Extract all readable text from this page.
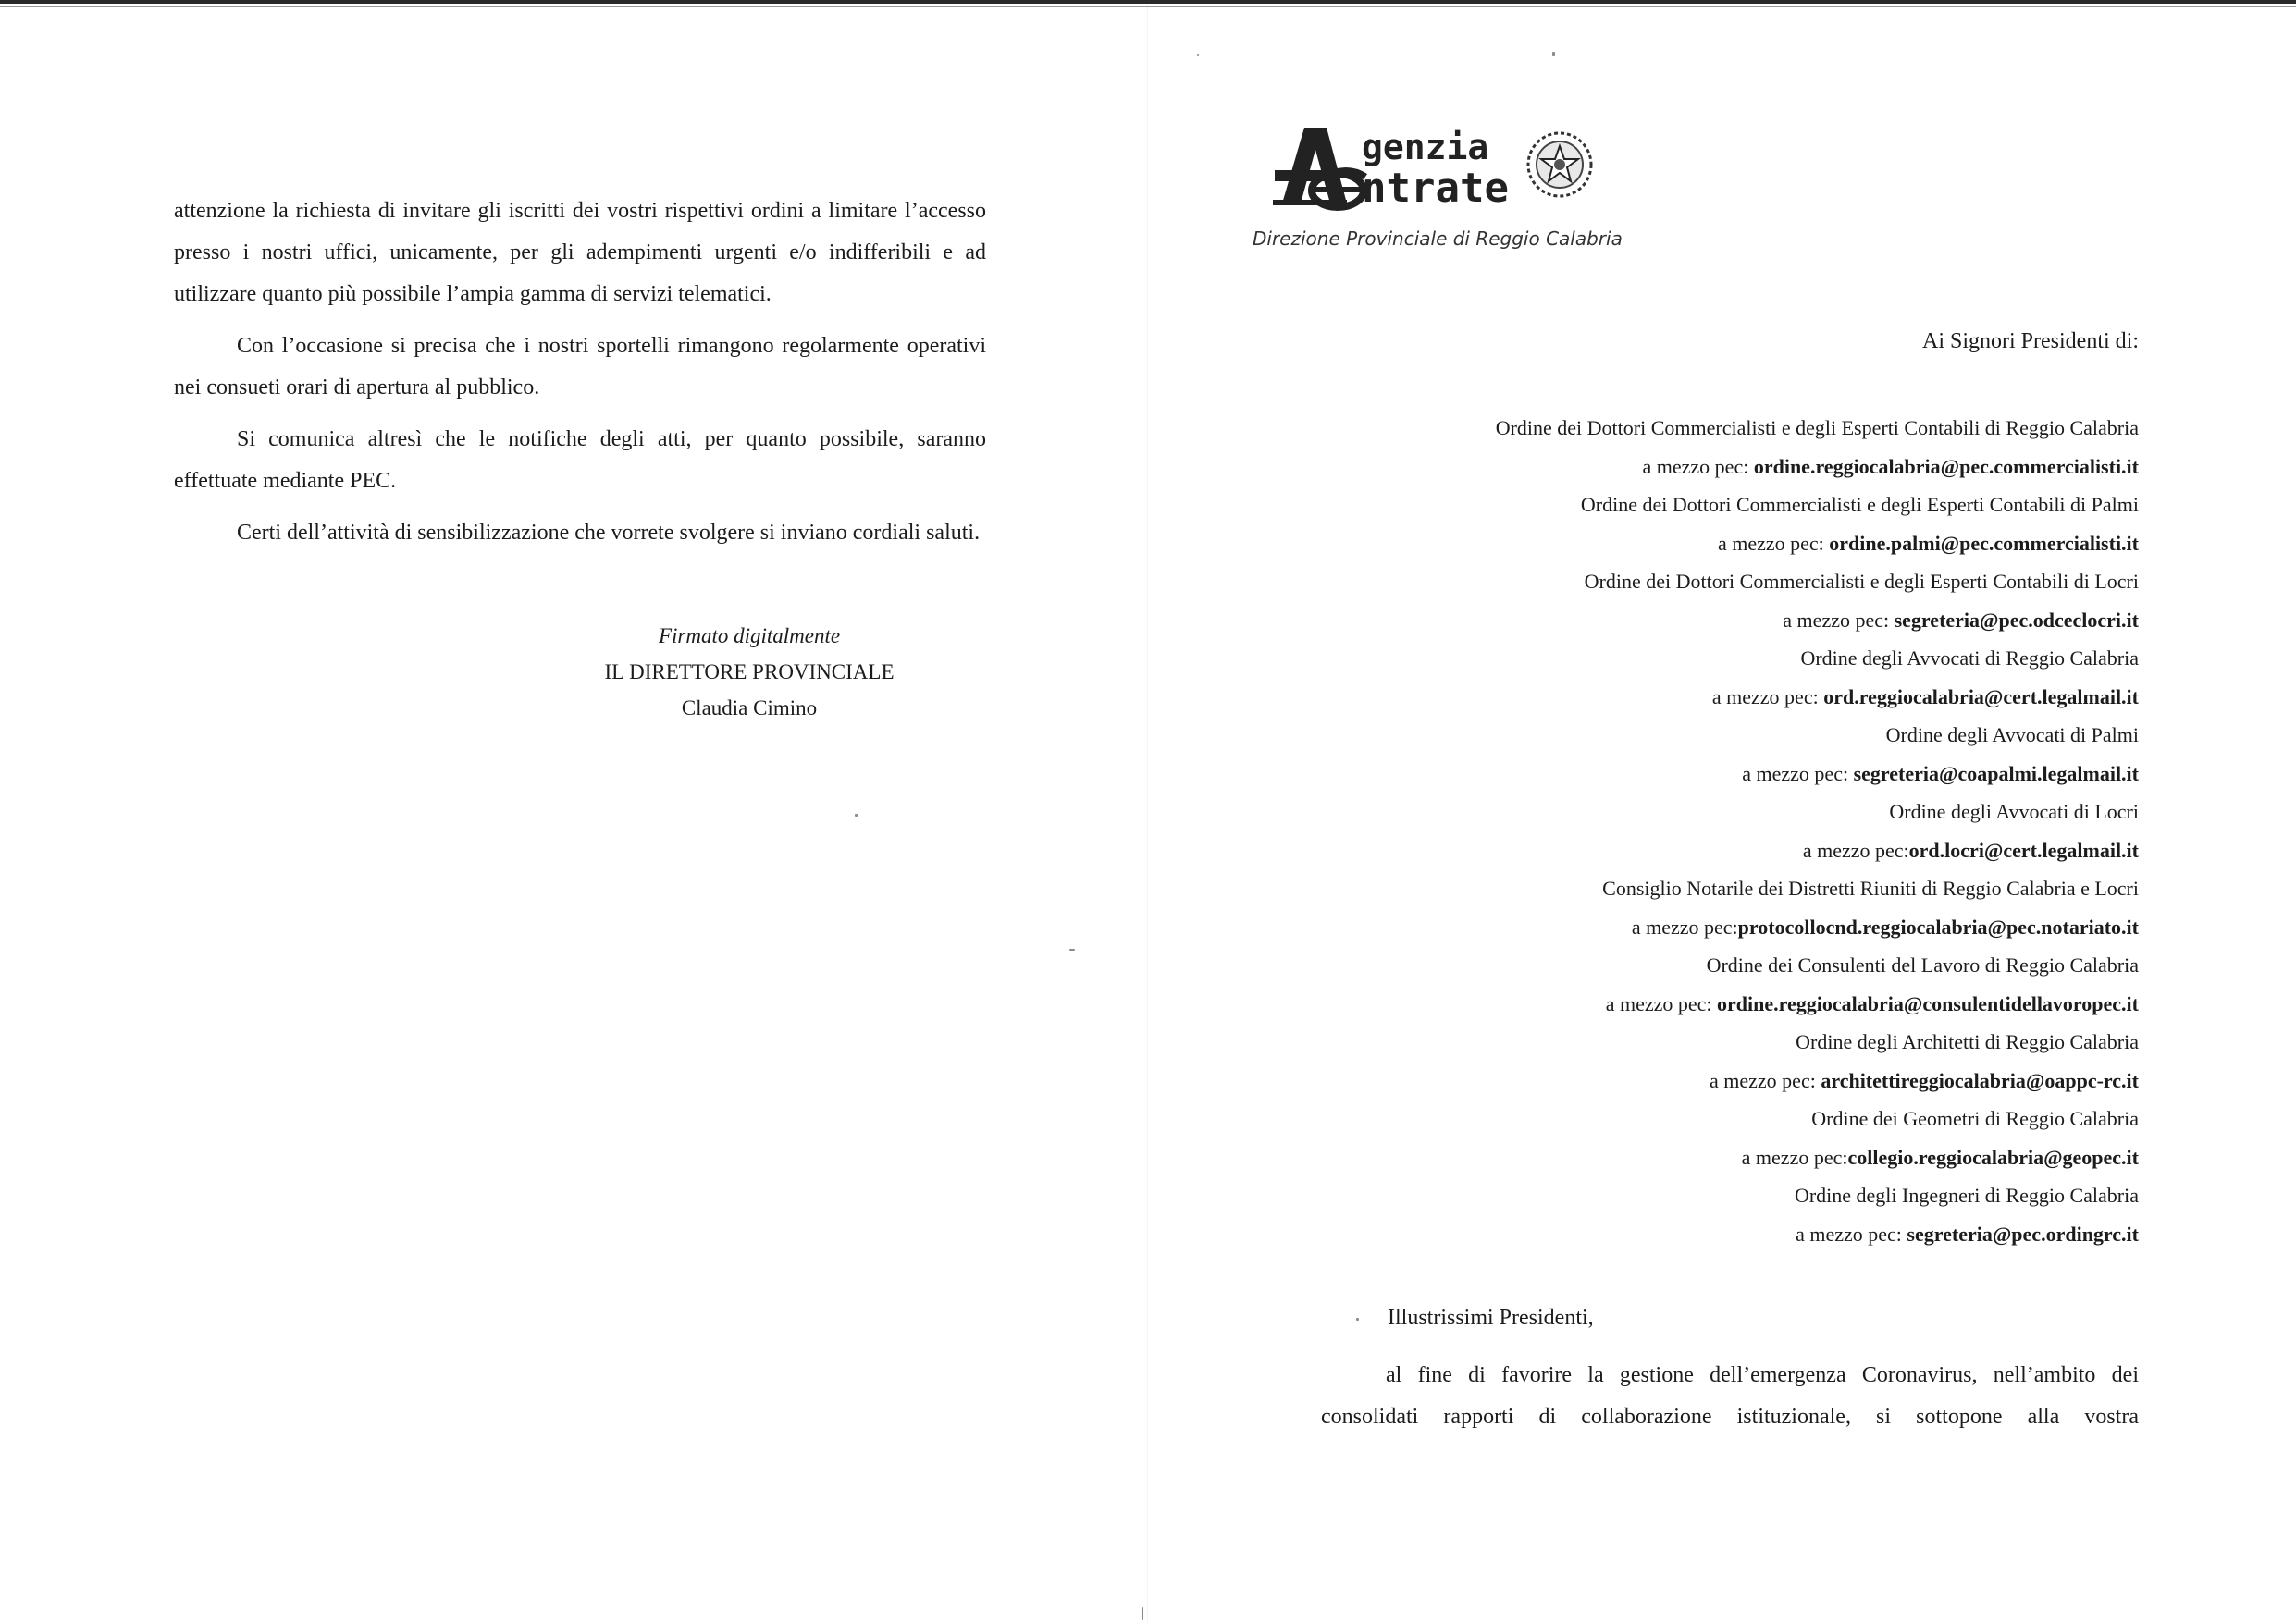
attenzione la richiesta di invitare gli iscritti dei vostri rispettivi ordini a limitare l’accesso presso i nostri uffici, unicamente, per gli adempimenti urgenti e/o indifferibili e ad utilizzare quanto più possibile l’ampia gamma di servizi telematici.

Con l’occasione si precisa che i nostri sportelli rimangono regolarmente operativi nei consueti orari di apertura al pubblico.

Si comunica altresì che le notifiche degli atti, per quanto possibile, saranno effettuate mediante PEC.

Certi dell’attività di sensibilizzazione che vorrete svolgere si inviano cordiali saluti.

Firmato digitalmente
IL DIRETTORE PROVINCIALE
Claudia Cimino
genzia
ntrate
Direzione Provinciale di Reggio Calabria
Ai Signori Presidenti di:
Ordine dei Dottori Commercialisti e degli Esperti Contabili di Reggio Calabria
a mezzo pec: ordine.reggiocalabria@pec.commercialisti.it
Ordine dei Dottori Commercialisti e degli Esperti Contabili di Palmi
a mezzo pec: ordine.palmi@pec.commercialisti.it
Ordine dei Dottori Commercialisti e degli Esperti Contabili di Locri
a mezzo pec: segreteria@pec.odceclocri.it
Ordine degli Avvocati di Reggio Calabria
a mezzo pec: ord.reggiocalabria@cert.legalmail.it
Ordine degli Avvocati di Palmi
a mezzo pec: segreteria@coapalmi.legalmail.it
Ordine degli Avvocati di Locri
a mezzo pec:ord.locri@cert.legalmail.it
Consiglio Notarile dei Distretti Riuniti di Reggio Calabria e Locri
a mezzo pec:protocollocnd.reggiocalabria@pec.notariato.it
Ordine dei Consulenti del Lavoro di Reggio Calabria
a mezzo pec: ordine.reggiocalabria@consulentidellavoropec.it
Ordine degli Architetti di Reggio Calabria
a mezzo pec: architettireggiocalabria@oappc-rc.it
Ordine dei Geometri di Reggio Calabria
a mezzo pec:collegio.reggiocalabria@geopec.it
Ordine degli Ingegneri di Reggio Calabria
a mezzo pec: segreteria@pec.ordingrc.it
Illustrissimi Presidenti,
al fine di favorire la gestione dell’emergenza Coronavirus, nell’ambito dei consolidati rapporti di collaborazione istituzionale, si sottopone alla vostra
